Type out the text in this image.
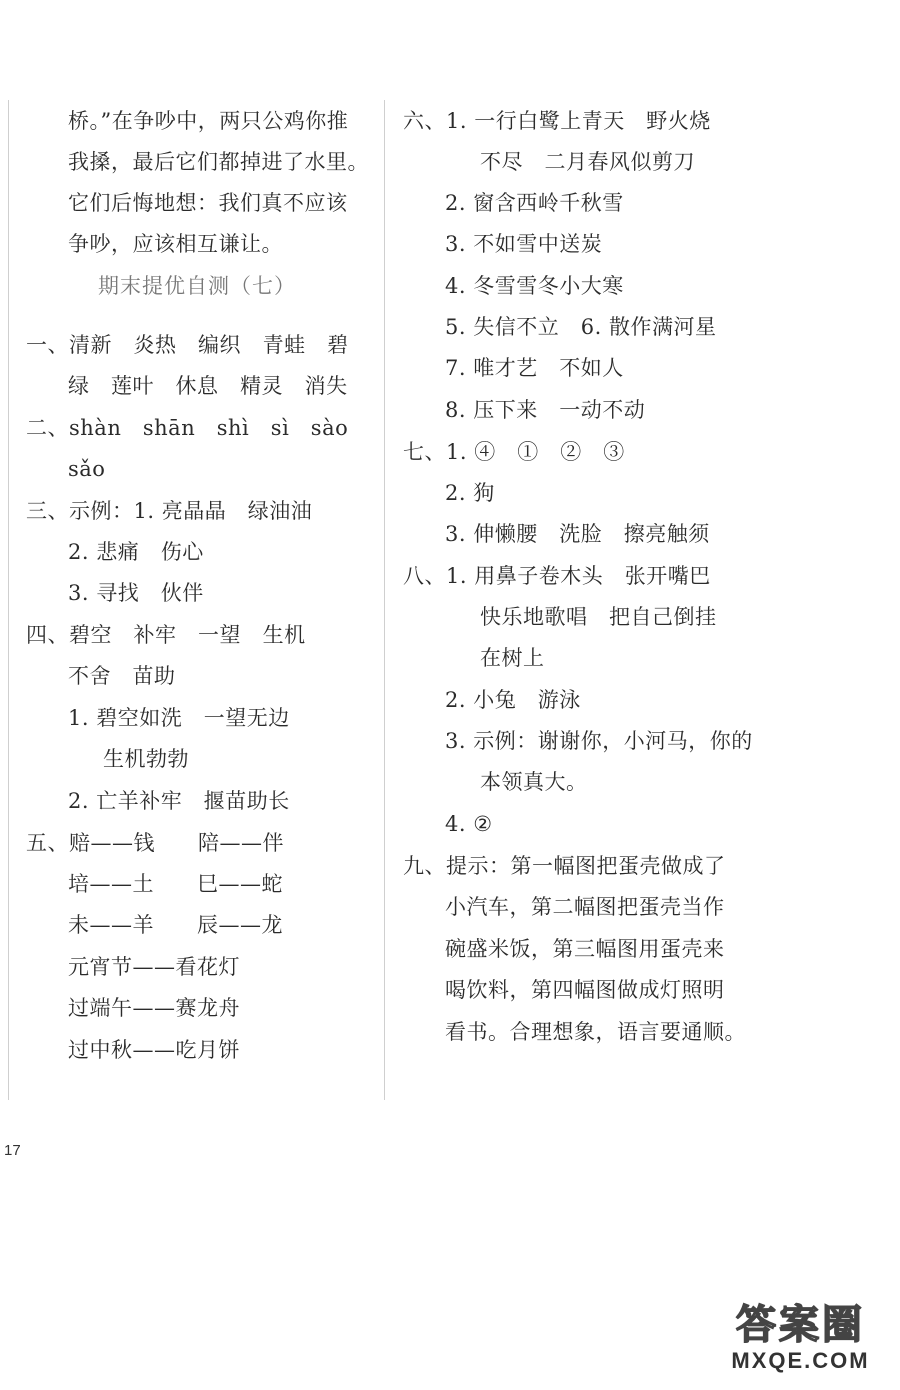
桥。”在争吵中，两只公鸡你推
我搡，最后它们都掉进了水里。
它们后悔地想：我们真不应该
争吵，应该相互谦让。
期末提优自测（七）
一、清新   炎热   编织   青蛙   碧
绿   莲叶   休息   精灵   消失
二、shàn   shān   shì   sì   sào
sǎo
三、示例：1. 亮晶晶   绿油油
2. 悲痛   伤心
3. 寻找   伙伴
四、碧空   补牢   一望   生机
不舍   苗助
1. 碧空如洗   一望无边
生机勃勃
2. 亡羊补牢   揠苗助长
五、赔——钱      陪——伴
培——土      巳——蛇
未——羊      辰——龙
元宵节——看花灯
过端午——赛龙舟
过中秋——吃月饼
六、1. 一行白鹭上青天   野火烧
不尽   二月春风似剪刀
2. 窗含西岭千秋雪
3. 不如雪中送炭
4. 冬雪雪冬小大寒
5. 失信不立   6. 散作满河星
7. 唯才艺   不如人
8. 压下来   一动不动
七、1. ④   ①   ②   ③
2. 狗
3. 伸懒腰   洗脸   擦亮触须
八、1. 用鼻子卷木头   张开嘴巴
快乐地歌唱   把自己倒挂
在树上
2. 小兔   游泳
3. 示例：谢谢你，小河马，你的
本领真大。
4. ②
九、提示：第一幅图把蛋壳做成了
小汽车，第二幅图把蛋壳当作
碗盛米饭，第三幅图用蛋壳来
喝饮料，第四幅图做成灯照明
看书。合理想象，语言要通顺。
17
答案圈
MXQE.COM
